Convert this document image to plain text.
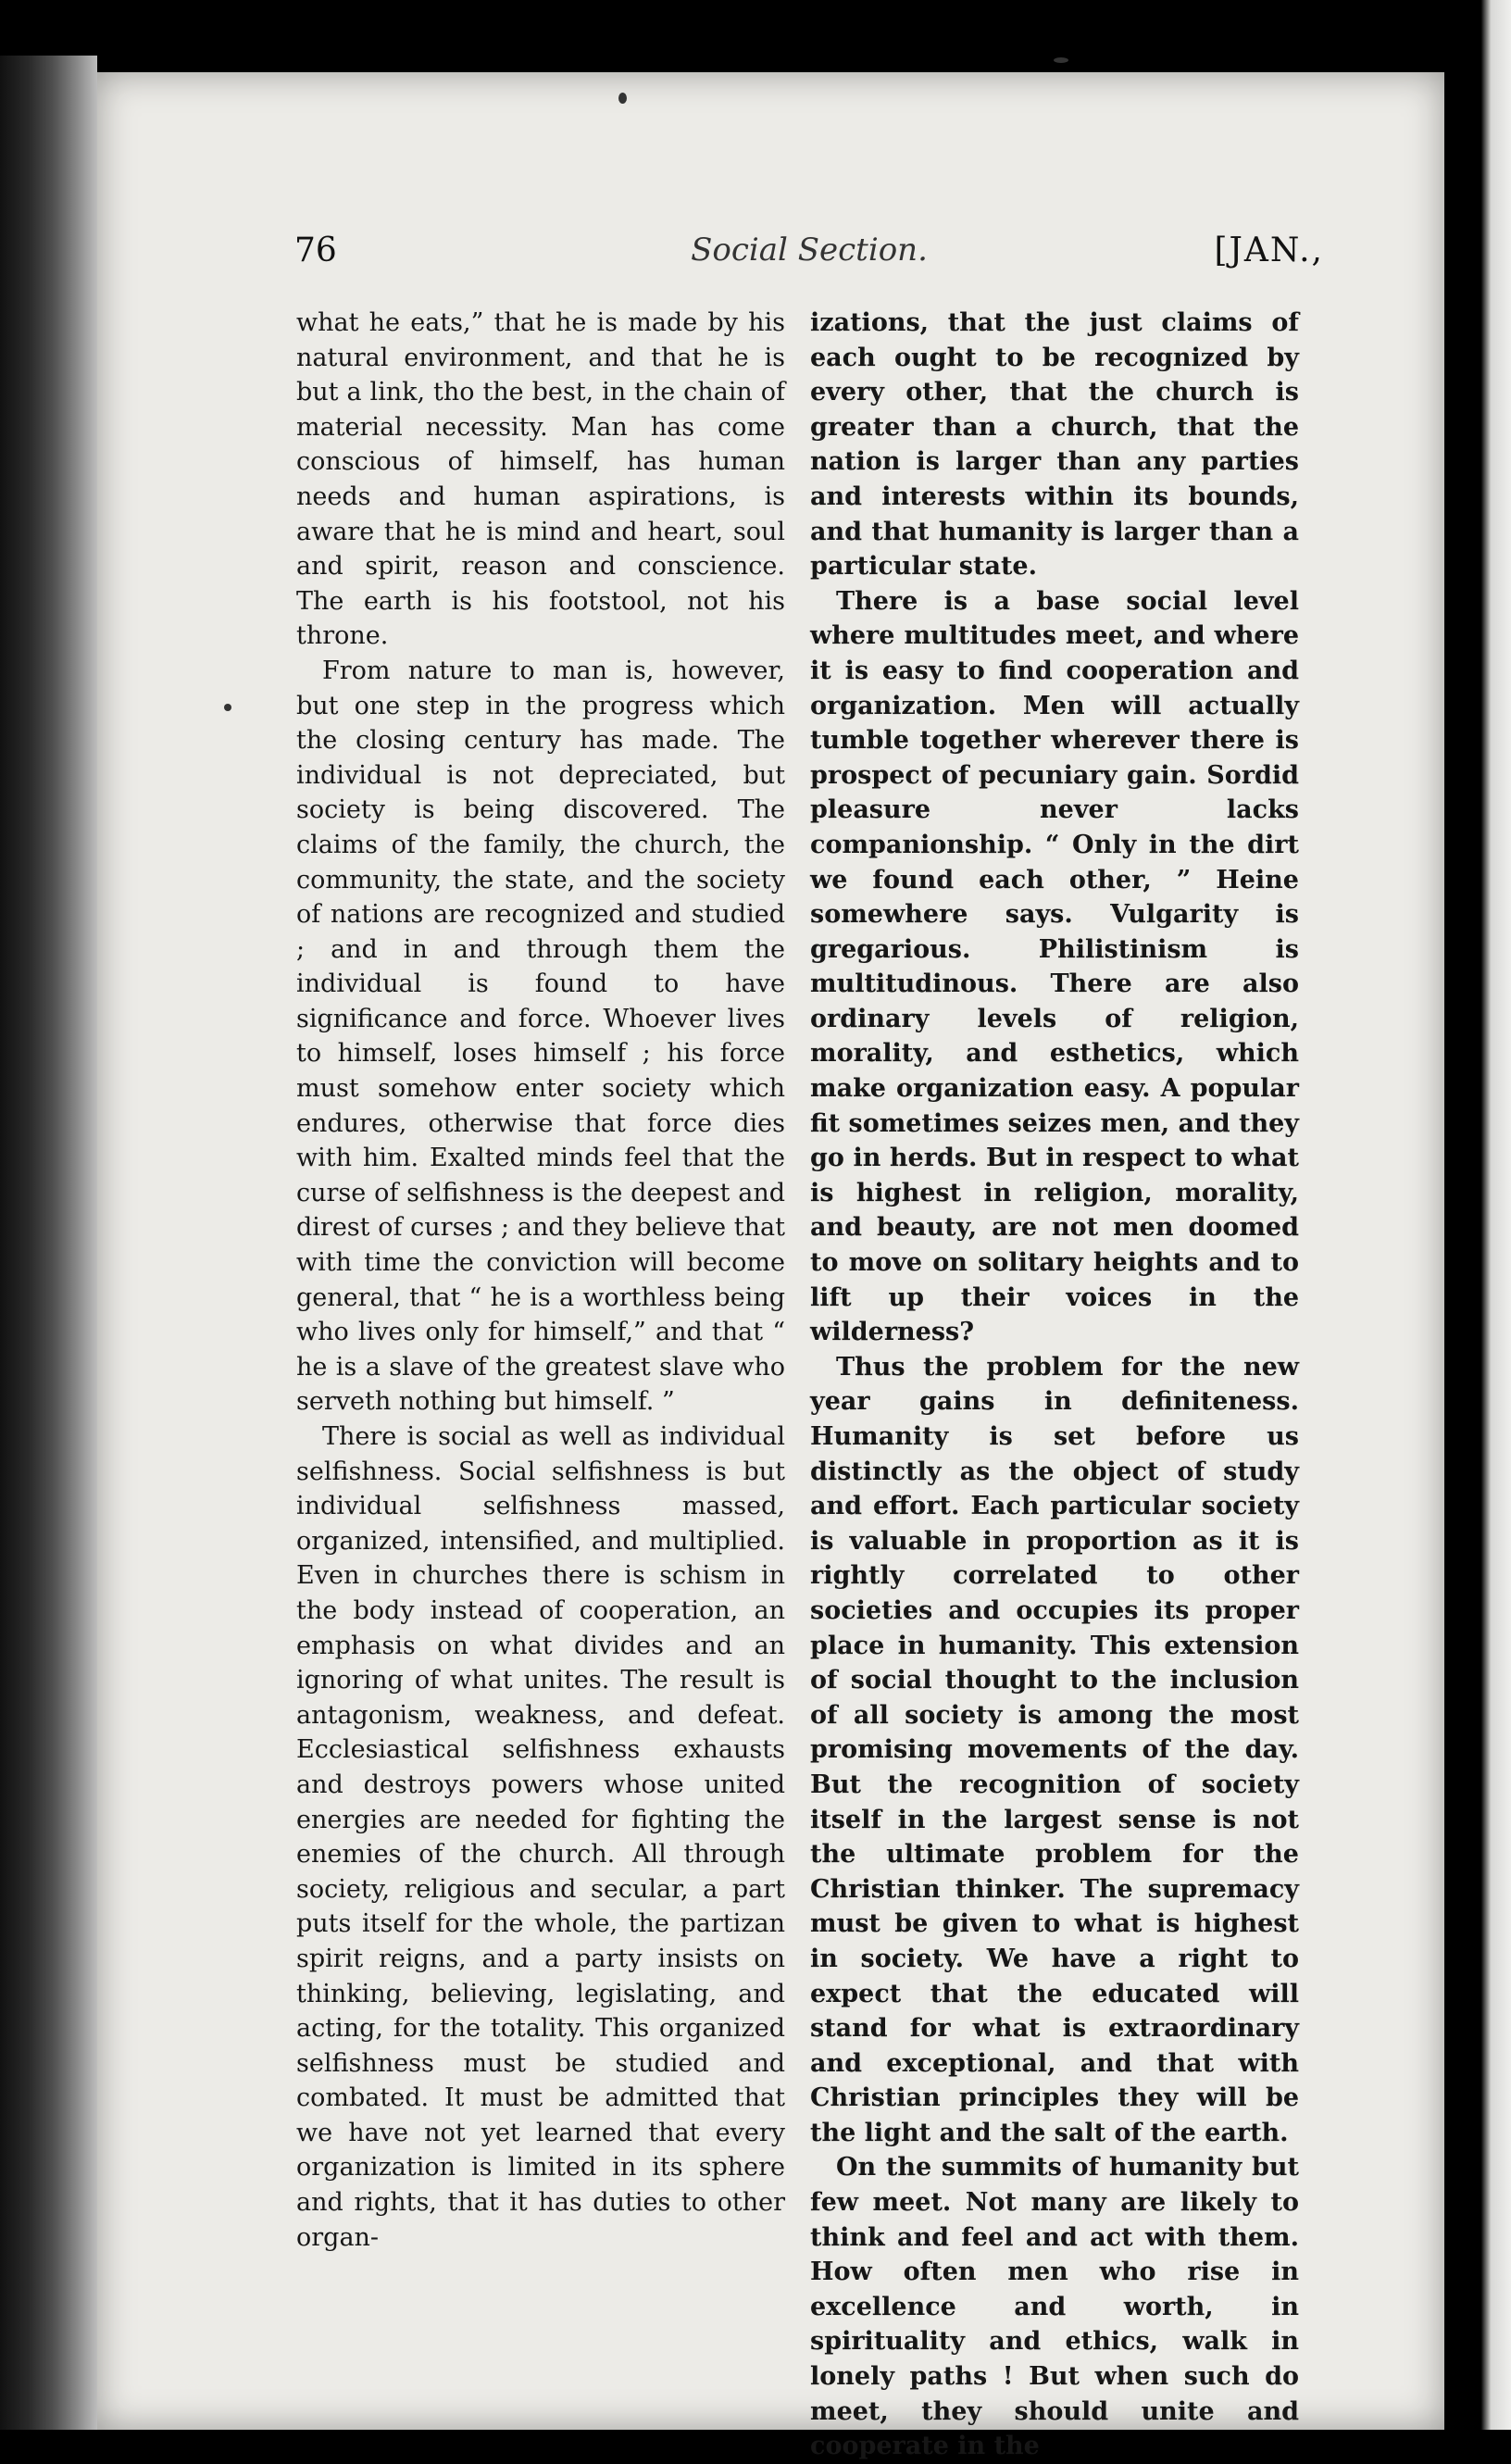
76	Social Section.	[JAN.,

what he eats,” that he is made by his natural environment, and that he is but a link, tho the best, in the chain of material necessity. Man has come conscious of himself, has human needs and human aspirations, is aware that he is mind and heart, soul and spirit, reason and conscience. The earth is his footstool, not his throne.

From nature to man is, however, but one step in the progress which the closing century has made. The individual is not depreciated, but society is being discovered. The claims of the family, the church, the community, the state, and the society of nations are recognized and studied ; and in and through them the individual is found to have significance and force. Whoever lives to himself, loses himself ; his force must somehow enter society which endures, otherwise that force dies with him. Exalted minds feel that the curse of selfishness is the deepest and direst of curses ; and they believe that with time the conviction will become general, that “ he is a worthless being who lives only for himself,” and that “ he is a slave of the greatest slave who serveth nothing but himself. ”

There is social as well as individual selfishness. Social selfishness is but individual selfishness massed, organized, intensified, and multiplied. Even in churches there is schism in the body instead of cooperation, an emphasis on what divides and an ignoring of what unites. The result is antagonism, weakness, and defeat. Ecclesiastical selfishness exhausts and destroys powers whose united energies are needed for fighting the enemies of the church. All through society, religious and secular, a part puts itself for the whole, the partizan spirit reigns, and a party insists on thinking, believing, legislating, and acting, for the totality. This organized selfishness must be studied and combated. It must be admitted that we have not yet learned that every organization is limited in its sphere and rights, that it has duties to other organ-

izations, that the just claims of each ought to be recognized by every other, that the church is greater than a church, that the nation is larger than any parties and interests within its bounds, and that humanity is larger than a particular state.

There is a base social level where multitudes meet, and where it is easy to find cooperation and organization. Men will actually tumble together wherever there is prospect of pecuniary gain. Sordid pleasure never lacks companionship. “ Only in the dirt we found each other, ” Heine somewhere says. Vulgarity is gregarious. Philistinism is multitudinous. There are also ordinary levels of religion, morality, and esthetics, which make organization easy. A popular fit sometimes seizes men, and they go in herds. But in respect to what is highest in religion, morality, and beauty, are not men doomed to move on solitary heights and to lift up their voices in the wilderness?

Thus the problem for the new year gains in definiteness. Humanity is set before us distinctly as the object of study and effort. Each particular society is valuable in proportion as it is rightly correlated to other societies and occupies its proper place in humanity. This extension of social thought to the inclusion of all society is among the most promising movements of the day. But the recognition of society itself in the largest sense is not the ultimate problem for the Christian thinker. The supremacy must be given to what is highest in society. We have a right to expect that the educated will stand for what is extraordinary and exceptional, and that with Christian principles they will be the light and the salt of the earth.

On the summits of humanity but few meet. Not many are likely to think and feel and act with them. How often men who rise in excellence and worth, in spirituality and ethics, walk in lonely paths ! But when such do meet, they should unite and cooperate in the
